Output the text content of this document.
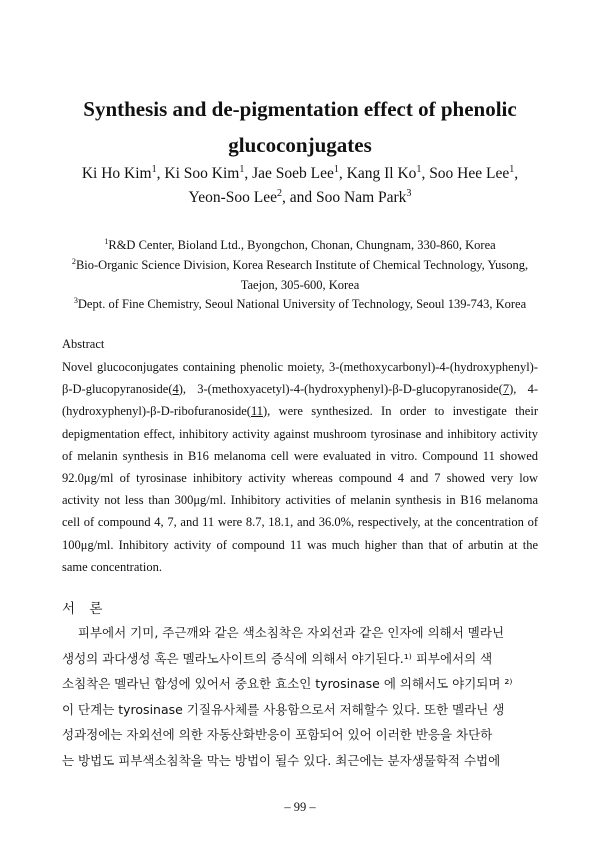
Synthesis and de-pigmentation effect of phenolic
glucoconjugates
Ki Ho Kim$^1$, Ki Soo Kim$^1$, Jae Soeb Lee$^1$, Kang Il Ko$^1$, Soo Hee Lee$^1$,
Yeon-Soo Lee$^2$, and Soo Nam Park$^3$
$^1$R&D Center, Bioland Ltd., Byongchon, Chonan, Chungnam, 330-860, Korea
$^2$Bio-Organic Science Division, Korea Research Institute of Chemical Technology, Yusong,
Taejon, 305-600, Korea
$^3$Dept. of Fine Chemistry, Seoul National University of Technology, Seoul 139-743, Korea
Abstract
Novel glucoconjugates containing phenolic moiety, 3-(methoxycarbonyl)-4-(hydroxyphenyl)-β-D-glucopyranoside(4), 3-(methoxyacetyl)-4-(hydroxyphenyl)-β-D-glucopyranoside(7), 4-(hydroxyphenyl)-β-D-ribofuranoside(11), were synthesized. In order to investigate their depigmentation effect, inhibitory activity against mushroom tyrosinase and inhibitory activity of melanin synthesis in B16 melanoma cell were evaluated in vitro. Compound 11 showed 92.0μg/ml of tyrosinase inhibitory activity whereas compound 4 and 7 showed very low activity not less than 300μg/ml. Inhibitory activities of melanin synthesis in B16 melanoma cell of compound 4, 7, and 11 were 8.7, 18.1, and 36.0%, respectively, at the concentration of 100μg/ml. Inhibitory activity of compound 11 was much higher than that of arbutin at the same concentration.
서 론
피부에서 기미, 주근깨와 같은 색소침착은 자외선과 같은 인자에 의해서 멜라닌
생성의 과다생성 혹은 멜라노사이트의 증식에 의해서 야기된다.¹⁾ 피부에서의 색
소침착은 멜라닌 합성에 있어서 중요한 효소인 tyrosinase 에 의해서도 야기되며 ²⁾
이 단계는 tyrosinase 기질유사체를 사용함으로서 저해할수 있다. 또한 멜라닌 생
성과정에는 자외선에 의한 자동산화반응이 포함되어 있어 이러한 반응을 차단하
는 방법도 피부색소침착을 막는 방법이 될수 있다. 최근에는 분자생물학적 수법에
– 99 –
